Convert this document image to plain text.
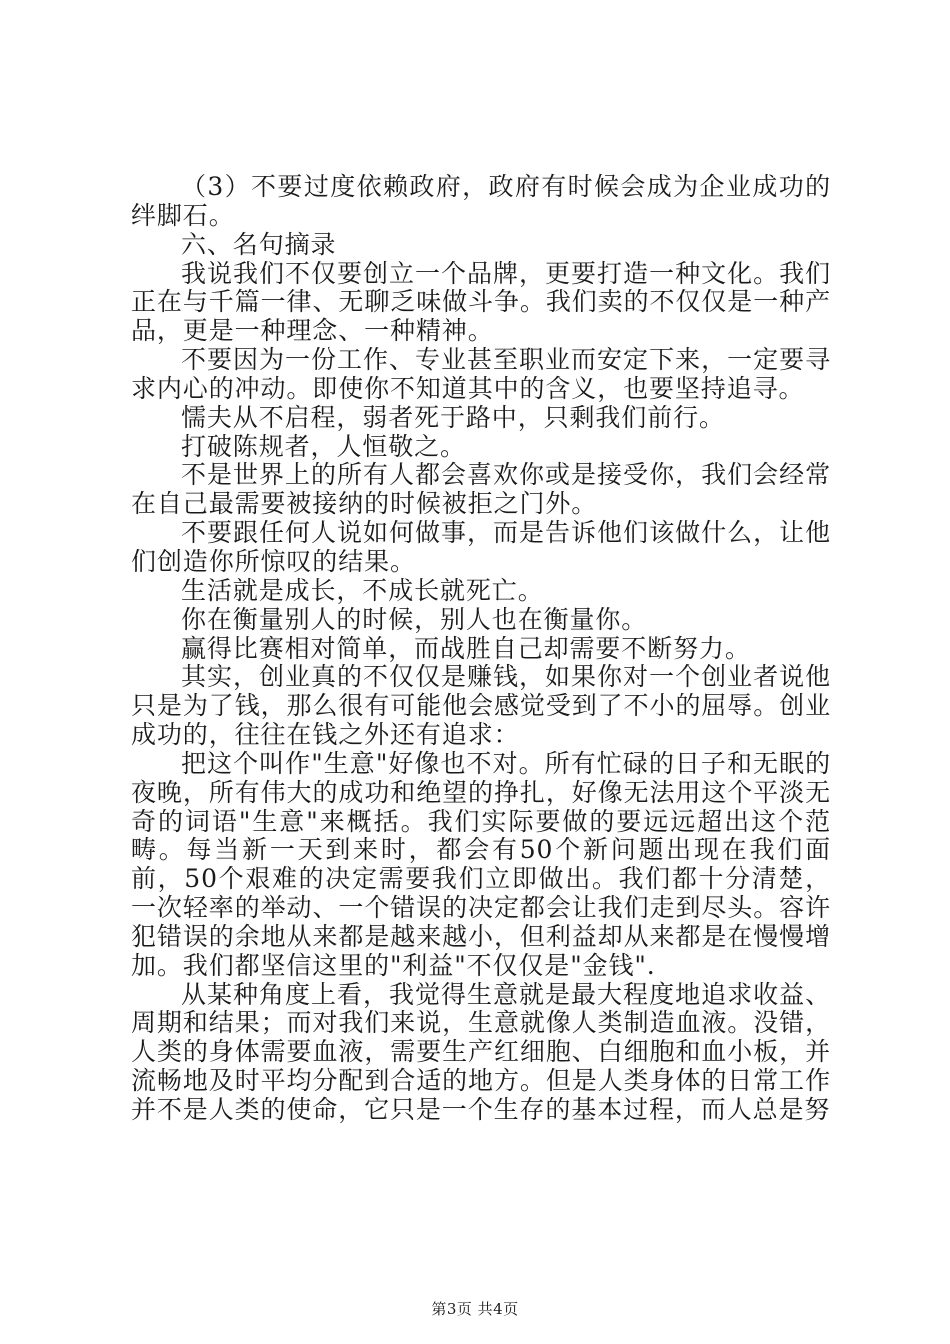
（3）不要过度依赖政府，政府有时候会成为企业成功的绊脚石。

六、名句摘录

我说我们不仅要创立一个品牌，更要打造一种文化。我们正在与千篇一律、无聊乏味做斗争。我们卖的不仅仅是一种产品，更是一种理念、一种精神。

不要因为一份工作、专业甚至职业而安定下来，一定要寻求内心的冲动。即使你不知道其中的含义，也要坚持追寻。

懦夫从不启程，弱者死于路中，只剩我们前行。

打破陈规者，人恒敬之。

不是世界上的所有人都会喜欢你或是接受你，我们会经常在自己最需要被接纳的时候被拒之门外。

不要跟任何人说如何做事，而是告诉他们该做什么，让他们创造你所惊叹的结果。

生活就是成长，不成长就死亡。

你在衡量别人的时候，别人也在衡量你。

赢得比赛相对简单，而战胜自己却需要不断努力。

其实，创业真的不仅仅是赚钱，如果你对一个创业者说他只是为了钱，那么很有可能他会感觉受到了不小的屈辱。创业成功的，往往在钱之外还有追求：

把这个叫作"生意"好像也不对。所有忙碌的日子和无眠的夜晚，所有伟大的成功和绝望的挣扎，好像无法用这个平淡无奇的词语"生意"来概括。我们实际要做的要远远超出这个范畴。每当新一天到来时，都会有50个新问题出现在我们面前，50个艰难的决定需要我们立即做出。我们都十分清楚，一次轻率的举动、一个错误的决定都会让我们走到尽头。容许犯错误的余地从来都是越来越小，但利益却从来都是在慢慢增加。我们都坚信这里的"利益"不仅仅是"金钱".

从某种角度上看，我觉得生意就是最大程度地追求收益、周期和结果；而对我们来说，生意就像人类制造血液。没错，人类的身体需要血液，需要生产红细胞、白细胞和血小板，并流畅地及时平均分配到合适的地方。但是人类身体的日常工作并不是人类的使命，它只是一个生存的基本过程，而人总是努

第3页 共4页
